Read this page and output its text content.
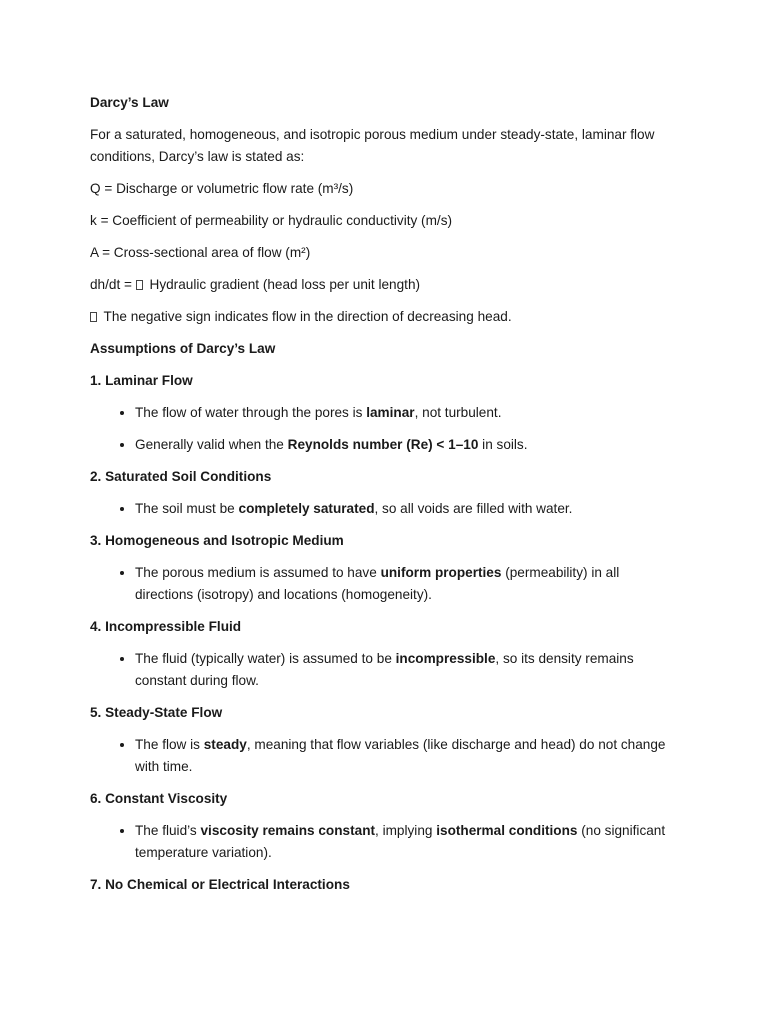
Darcy’s Law

For a saturated, homogeneous, and isotropic porous medium under steady-state, laminar flow conditions, Darcy’s law is stated as:

Q = Discharge or volumetric flow rate (m³/s)

k = Coefficient of permeability or hydraulic conductivity (m/s)

A = Cross-sectional area of flow (m²)

dh/dt =  Hydraulic gradient (head loss per unit length)

The negative sign indicates flow in the direction of decreasing head.

Assumptions of Darcy’s Law

1. Laminar Flow

• The flow of water through the pores is laminar, not turbulent.
• Generally valid when the Reynolds number (Re) < 1–10 in soils.

2. Saturated Soil Conditions

• The soil must be completely saturated, so all voids are filled with water.

3. Homogeneous and Isotropic Medium

• The porous medium is assumed to have uniform properties (permeability) in all directions (isotropy) and locations (homogeneity).

4. Incompressible Fluid

• The fluid (typically water) is assumed to be incompressible, so its density remains constant during flow.

5. Steady-State Flow

• The flow is steady, meaning that flow variables (like discharge and head) do not change with time.

6. Constant Viscosity

• The fluid’s viscosity remains constant, implying isothermal conditions (no significant temperature variation).

7. No Chemical or Electrical Interactions
